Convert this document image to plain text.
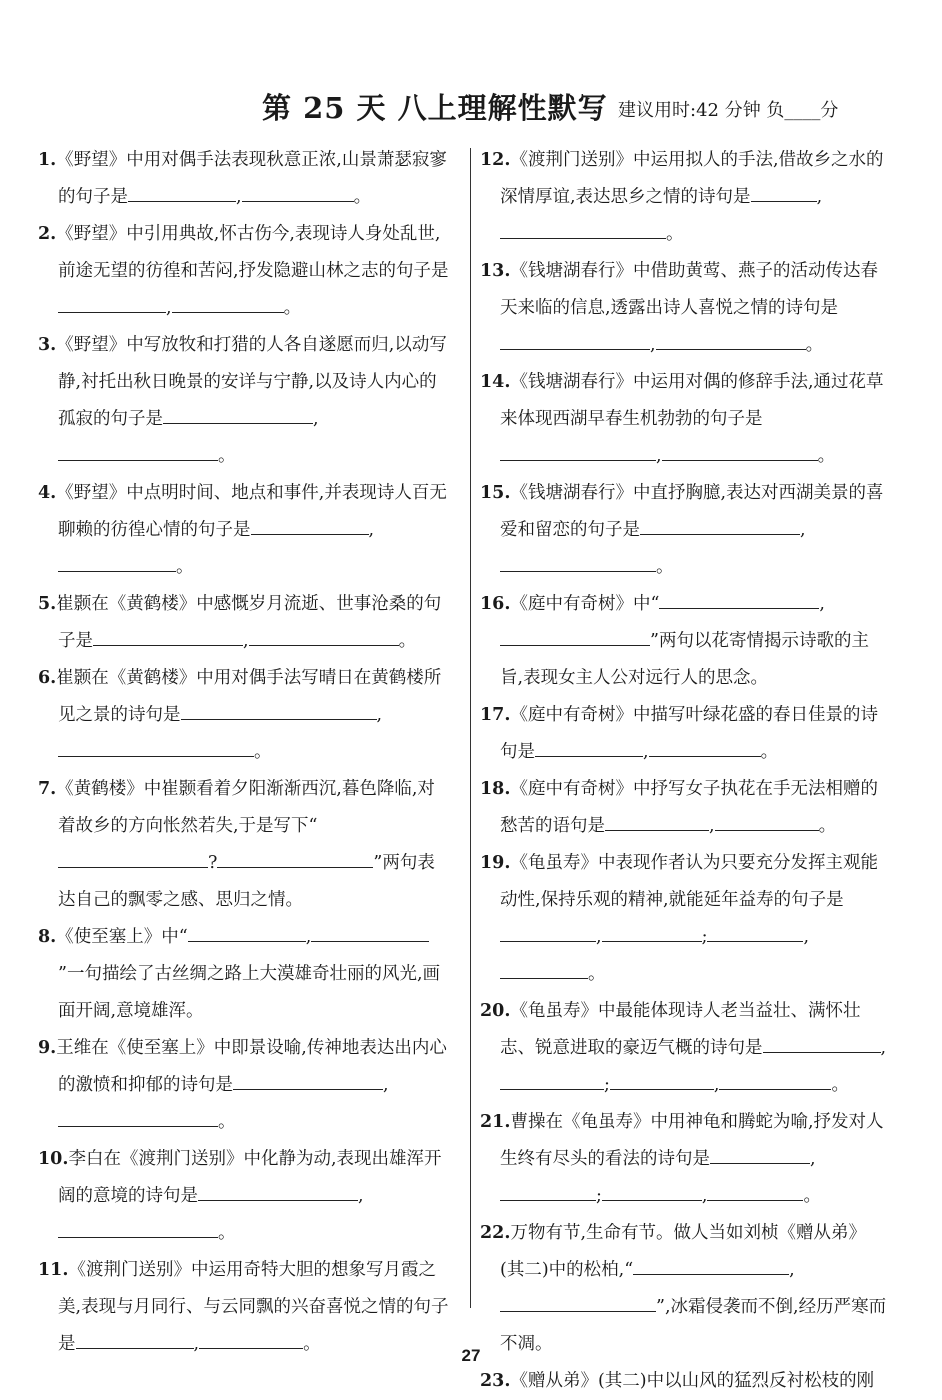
第 25 天 八上理解性默写 建议用时:42 分钟 负____分
1.《野望》中用对偶手法表现秋意正浓,山景萧瑟寂寥的句子是	,	。
2.《野望》中引用典故,怀古伤今,表现诗人身处乱世,前途无望的彷徨和苦闷,抒发隐避山林之志的句子是,	。
3.《野望》中写放牧和打猎的人各自遂愿而归,以动写静,衬托出秋日晚景的安详与宁静,以及诗人内心的孤寂的句子是	,。
4.《野望》中点明时间、地点和事件,并表现诗人百无聊赖的彷徨心情的句子是	,。
5.崔颢在《黄鹤楼》中感慨岁月流逝、世事沧桑的句子是	,	。
6.崔颢在《黄鹤楼》中用对偶手法写晴日在黄鹤楼所见之景的诗句是	,。
7.《黄鹤楼》中崔颢看着夕阳渐渐西沉,暮色降临,对着故乡的方向怅然若失,于是写下“?	”两句表达自己的飘零之感、思归之情。
8.《使至塞上》中“	,”一句描绘了古丝绸之路上大漠雄奇壮丽的风光,画面开阔,意境雄浑。
9.王维在《使至塞上》中即景设喻,传神地表达出内心的激愤和抑郁的诗句是	,。
10.李白在《渡荆门送别》中化静为动,表现出雄浑开阔的意境的诗句是	,。
11.《渡荆门送别》中运用奇特大胆的想象写月霞之美,表现与月同行、与云同飘的兴奋喜悦之情的句子是	,	。
12.《渡荆门送别》中运用拟人的手法,借故乡之水的深情厚谊,表达思乡之情的诗句是	,。
13.《钱塘湖春行》中借助黄莺、燕子的活动传达春天来临的信息,透露出诗人喜悦之情的诗句是,	。
14.《钱塘湖春行》中运用对偶的修辞手法,通过花草来体现西湖早春生机勃勃的句子是,	。
15.《钱塘湖春行》中直抒胸臆,表达对西湖美景的喜爱和留恋的句子是	,。
16.《庭中有奇树》中“	,”两句以花寄情揭示诗歌的主旨,表现女主人公对远行人的思念。
17.《庭中有奇树》中描写叶绿花盛的春日佳景的诗句是	,	。
18.《庭中有奇树》中抒写女子执花在手无法相赠的愁苦的语句是	,	。
19.《龟虽寿》中表现作者认为只要充分发挥主观能动性,保持乐观的精神,就能延年益寿的句子是,	;	,。
20.《龟虽寿》中最能体现诗人老当益壮、满怀壮志、锐意进取的豪迈气概的诗句是	,;	,	。
21.曹操在《龟虽寿》中用神龟和腾蛇为喻,抒发对人生终有尽头的看法的诗句是	,;	,	。
22.万物有节,生命有节。做人当如刘桢《赠从弟》(其二)中的松柏,“	,”,冰霜侵袭而不倒,经历严寒而不凋。
23.《赠从弟》(其二)中以山风的猛烈反衬松枝的刚
27
